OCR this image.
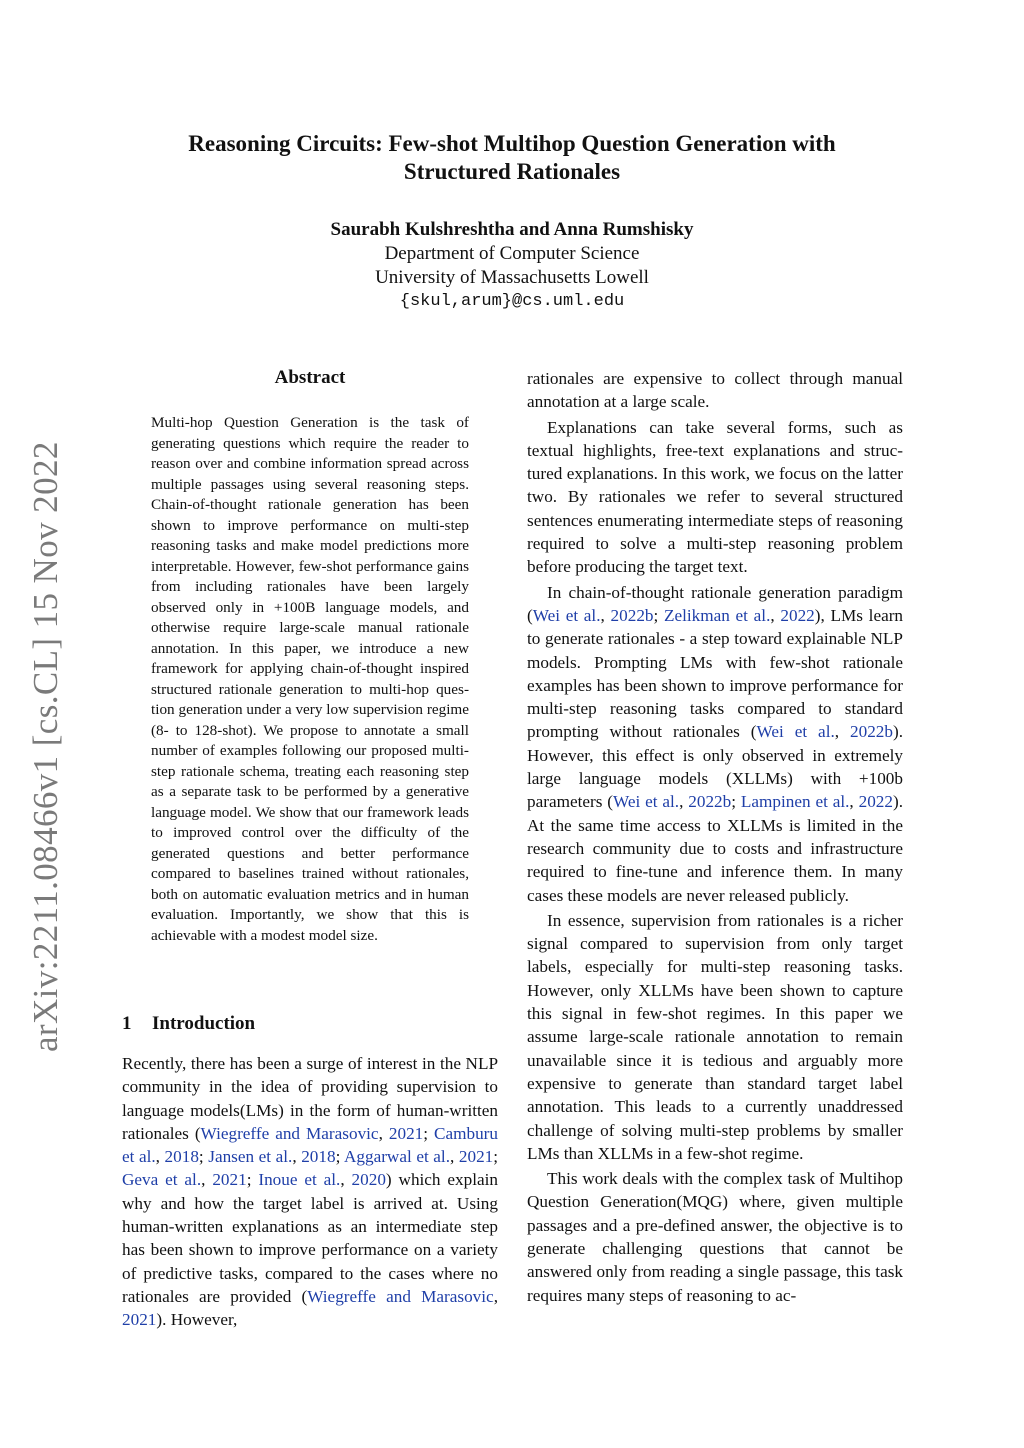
Reasoning Circuits: Few-shot Multihop Question Generation with
Structured Rationales
Saurabh Kulshreshtha and Anna Rumshisky
Department of Computer Science
University of Massachusetts Lowell
{skul,arum}@cs.uml.edu
arXiv:2211.08466v1 [cs.CL] 15 Nov 2022
Abstract
Multi-hop Question Generation is the task of generating questions which require the reader to reason over and combine information spread across multiple passages using several reasoning steps. Chain-of-thought rationale generation has been shown to improve performance on multi-step reasoning tasks and make model predictions more interpretable. However, few-shot performance gains from including rationales have been largely observed only in +100B language models, and otherwise require large-scale manual rationale annotation. In this paper, we introduce a new framework for applying chain-of-thought inspired structured rationale generation to multi-hop question generation under a very low supervision regime (8- to 128-shot). We propose to annotate a small number of examples following our proposed multi-step rationale schema, treating each reasoning step as a separate task to be performed by a generative language model. We show that our framework leads to improved control over the difficulty of the generated questions and better performance compared to baselines trained without rationales, both on automatic evaluation metrics and in human evaluation. Importantly, we show that this is achievable with a modest model size.
1 Introduction

Recently, there has been a surge of interest in the NLP community in the idea of providing supervision to language models(LMs) in the form of human-written rationales (Wiegreffe and Marasovic, 2021; Camburu et al., 2018; Jansen et al., 2018; Aggarwal et al., 2021; Geva et al., 2021; Inoue et al., 2020) which explain why and how the target label is arrived at. Using human-written explanations as an intermediate step has been shown to improve performance on a variety of predictive tasks, compared to the cases where no rationales are provided (Wiegreffe and Marasovic, 2021). However,

rationales are expensive to collect through manual annotation at a large scale.

Explanations can take several forms, such as textual highlights, free-text explanations and structured explanations. In this work, we focus on the latter two. By rationales we refer to several structured sentences enumerating intermediate steps of reasoning required to solve a multi-step reasoning problem before producing the target text.

In chain-of-thought rationale generation paradigm (Wei et al., 2022b; Zelikman et al., 2022), LMs learn to generate rationales - a step toward explainable NLP models. Prompting LMs with few-shot rationale examples has been shown to improve performance for multi-step reasoning tasks compared to standard prompting without rationales (Wei et al., 2022b). However, this effect is only observed in extremely large language models (XLLMs) with +100b parameters (Wei et al., 2022b; Lampinen et al., 2022). At the same time access to XLLMs is limited in the research community due to costs and infrastructure required to fine-tune and inference them. In many cases these models are never released publicly.

In essence, supervision from rationales is a richer signal compared to supervision from only target labels, especially for multi-step reasoning tasks. However, only XLLMs have been shown to capture this signal in few-shot regimes. In this paper we assume large-scale rationale annotation to remain unavailable since it is tedious and arguably more expensive to generate than standard target label annotation. This leads to a currently unaddressed challenge of solving multi-step problems by smaller LMs than XLLMs in a few-shot regime.

This work deals with the complex task of Multihop Question Generation(MQG) where, given multiple passages and a pre-defined answer, the objective is to generate challenging questions that cannot be answered only from reading a single passage, this task requires many steps of reasoning to ac-
